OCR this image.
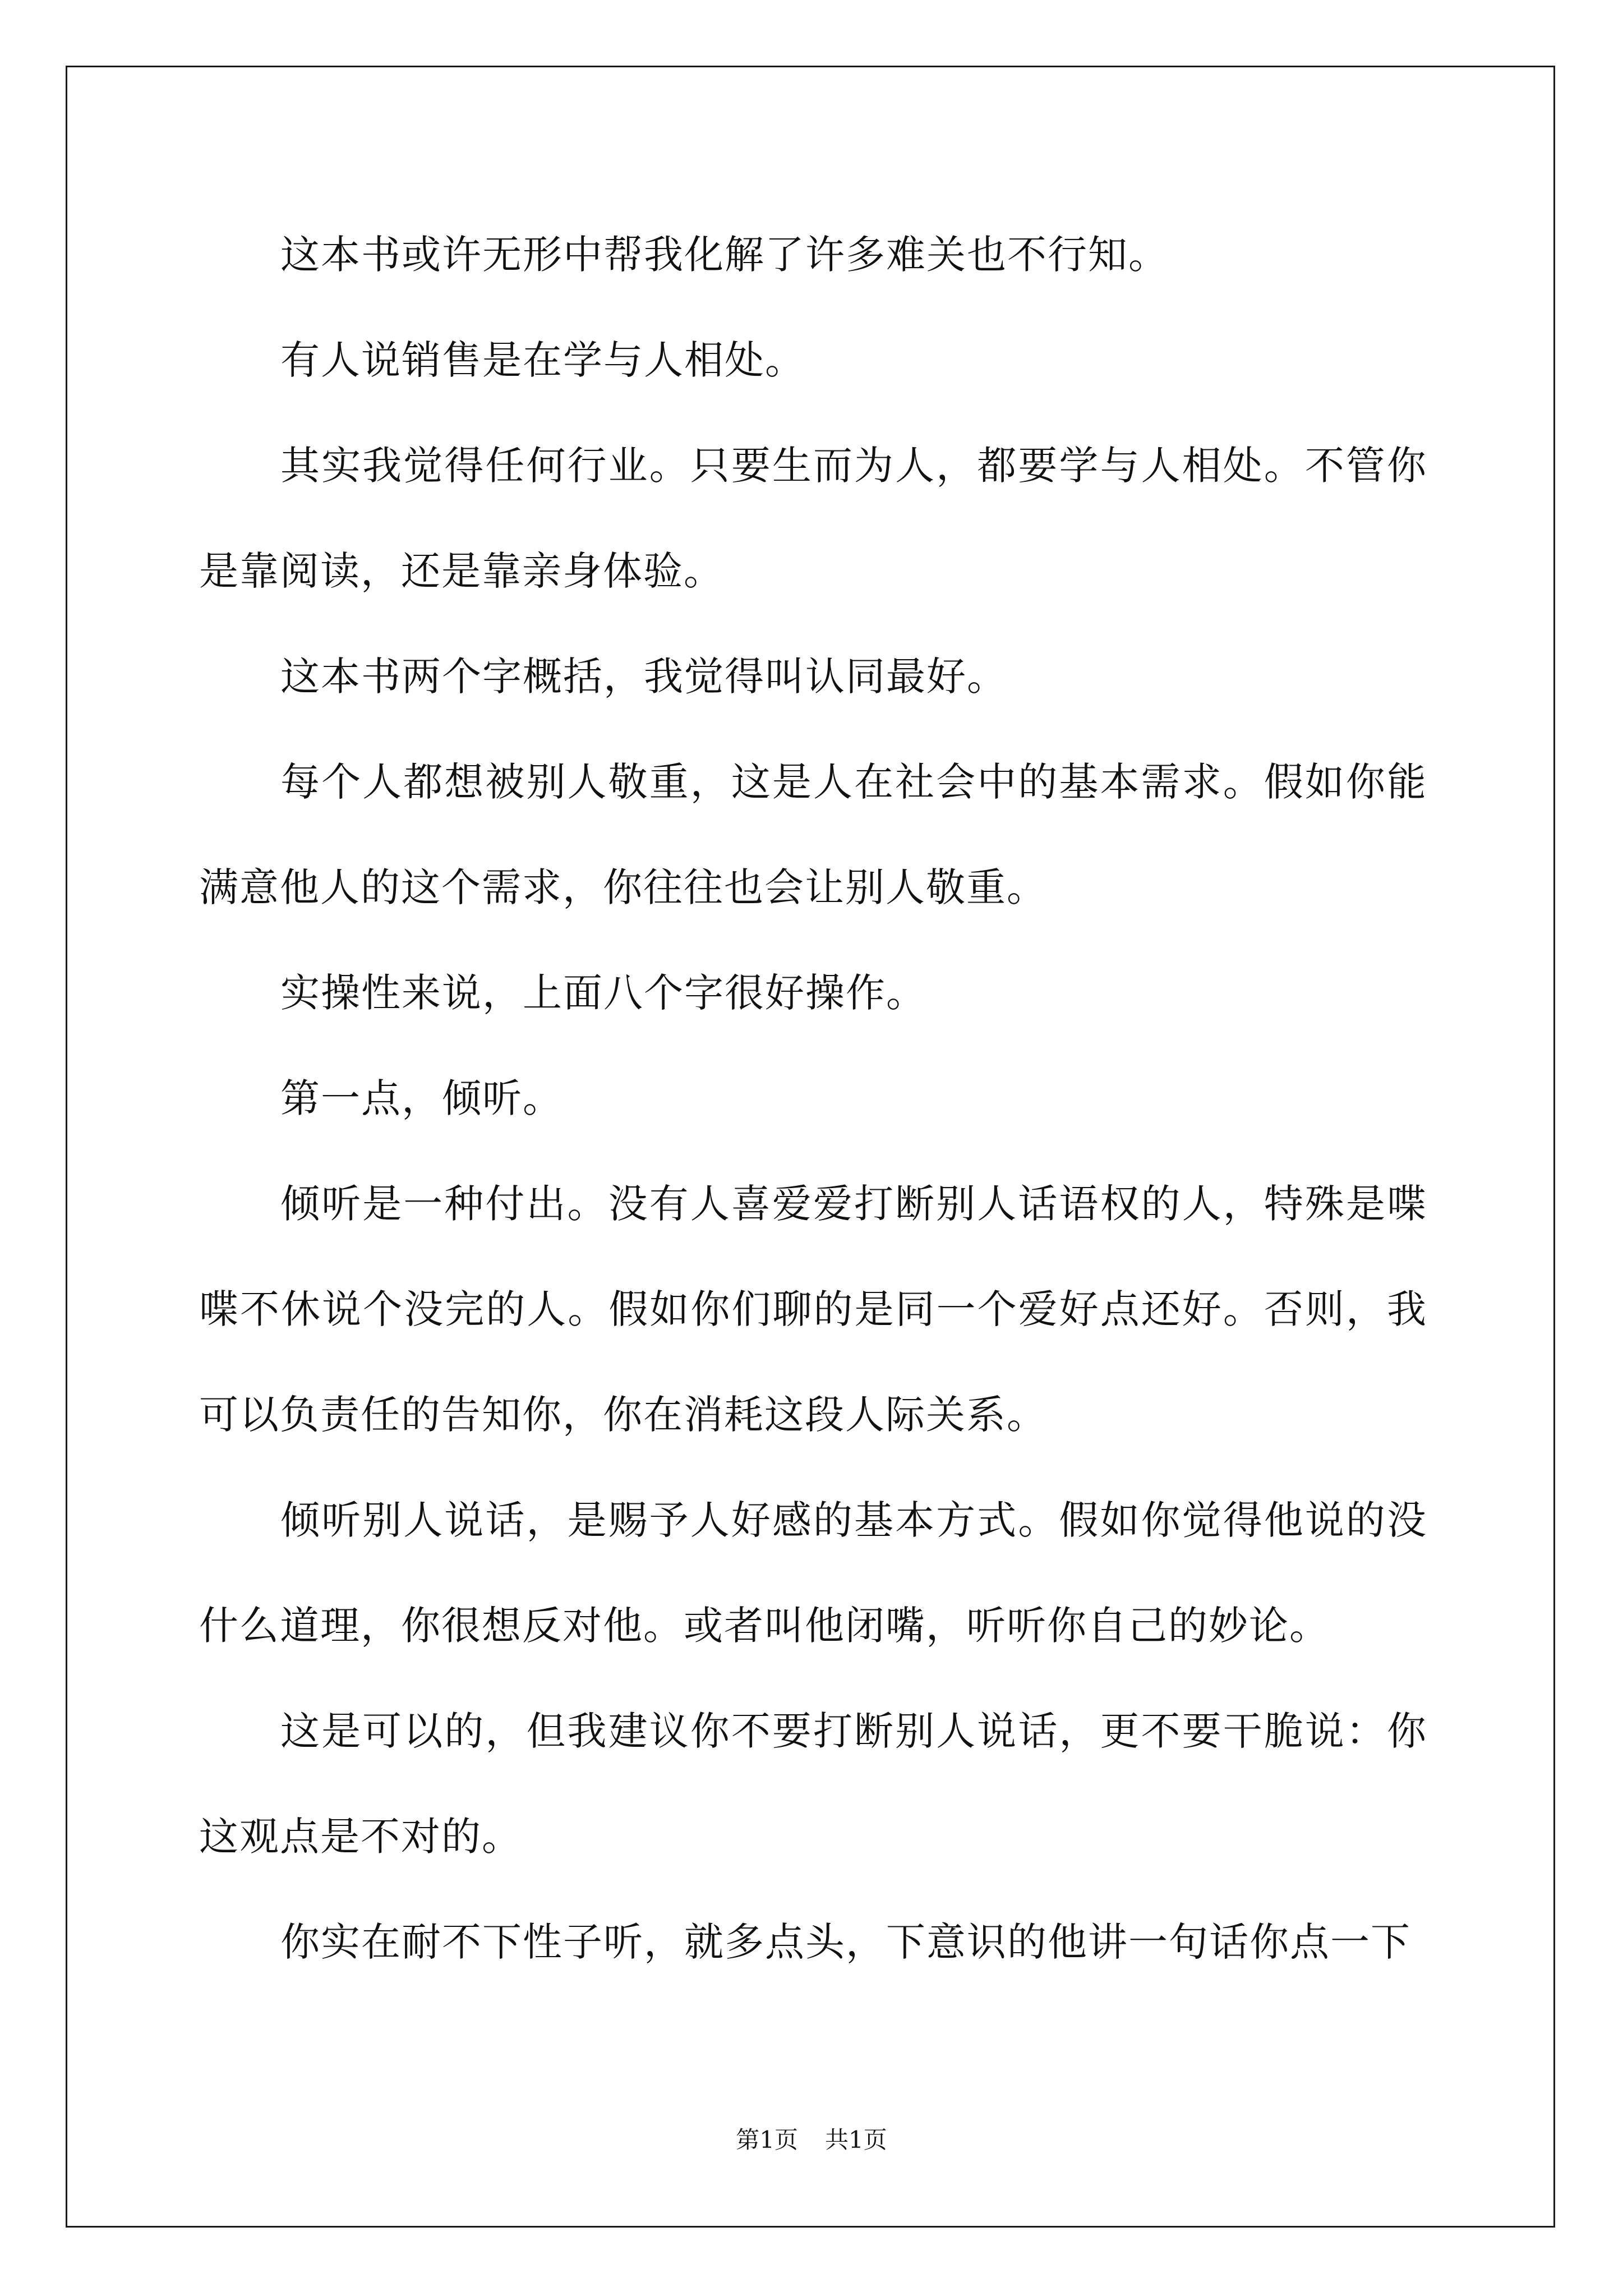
这本书或许无形中帮我化解了许多难关也不行知。

有人说销售是在学与人相处。

其实我觉得任何行业。只要生而为人，都要学与人相处。不管你是靠阅读，还是靠亲身体验。

这本书两个字概括，我觉得叫认同最好。

每个人都想被别人敬重，这是人在社会中的基本需求。假如你能满意他人的这个需求，你往往也会让别人敬重。

实操性来说，上面八个字很好操作。

第一点，倾听。

倾听是一种付出。没有人喜爱爱打断别人话语权的人，特殊是喋喋不休说个没完的人。假如你们聊的是同一个爱好点还好。否则，我可以负责任的告知你，你在消耗这段人际关系。

倾听别人说话，是赐予人好感的基本方式。假如你觉得他说的没什么道理，你很想反对他。或者叫他闭嘴，听听你自己的妙论。

这是可以的，但我建议你不要打断别人说话，更不要干脆说：你这观点是不对的。

你实在耐不下性子听，就多点头，下意识的他讲一句话你点一下

第1页 共1页
